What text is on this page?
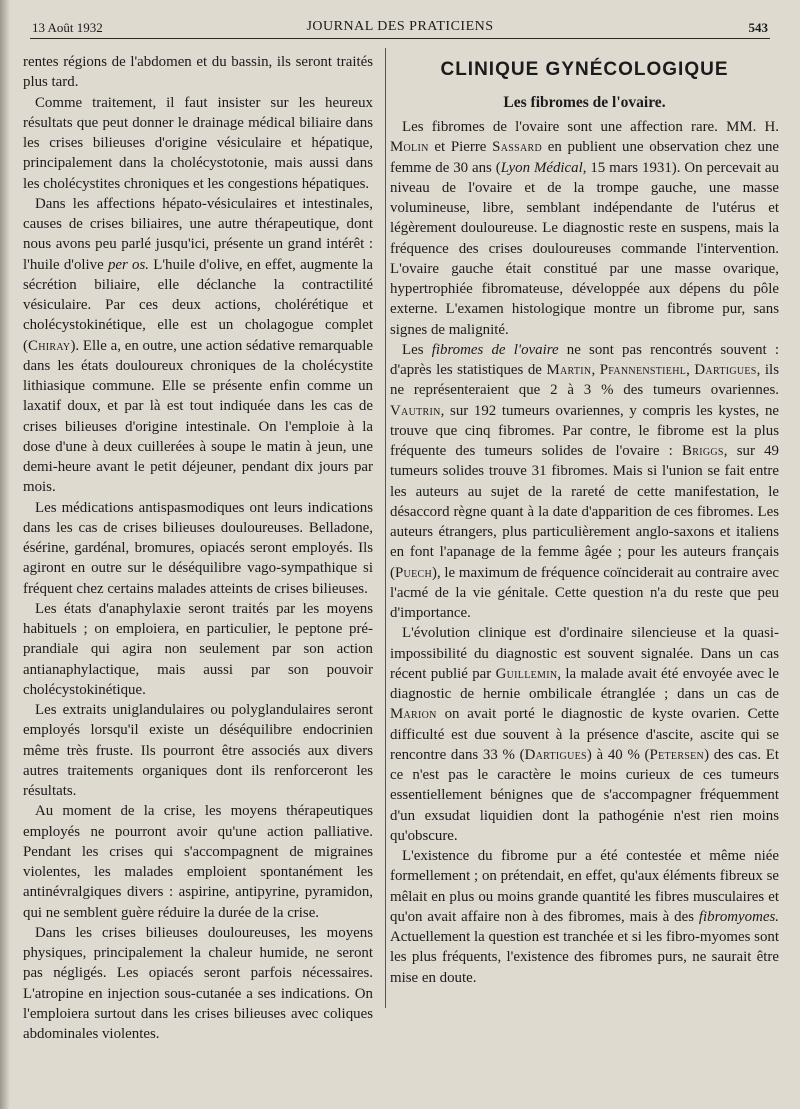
13 Août 1932	JOURNAL DES PRATICIENS	543

rentes régions de l'abdomen et du bassin, ils seront traités plus tard.

Comme traitement, il faut insister sur les heureux résultats que peut donner le drainage médical biliaire dans les crises bilieuses d'origine vésiculaire et hépatique, principalement dans la cholécystotonie, mais aussi dans les cholécystites chroniques et les congestions hépatiques.

Dans les affections hépato-vésiculaires et intestinales, causes de crises biliaires, une autre thérapeutique, dont nous avons peu parlé jusqu'ici, présente un grand intérêt : l'huile d'olive per os. L'huile d'olive, en effet, augmente la sécrétion biliaire, elle déclanche la contractilité vésiculaire. Par ces deux actions, cholérétique et cholécystokinétique, elle est un cholagogue complet (Chiray). Elle a, en outre, une action sédative remarquable dans les états douloureux chroniques de la cholécystite lithiasique commune. Elle se présente enfin comme un laxatif doux, et par là est tout indiquée dans les cas de crises bilieuses d'origine intestinale. On l'emploie à la dose d'une à deux cuillerées à soupe le matin à jeun, une demi-heure avant le petit déjeuner, pendant dix jours par mois.

Les médications antispasmodiques ont leurs indications dans les cas de crises bilieuses douloureuses. Belladone, ésérine, gardénal, bromures, opiacés seront employés. Ils agiront en outre sur le déséquilibre vago-sympathique si fréquent chez certains malades atteints de crises bilieuses.

Les états d'anaphylaxie seront traités par les moyens habituels ; on emploiera, en particulier, le peptone pré-prandiale qui agira non seulement par son action antianaphylactique, mais aussi par son pouvoir cholécystokinétique.

Les extraits uniglandulaires ou polyglandulaires seront employés lorsqu'il existe un déséquilibre endocrinien même très fruste. Ils pourront être associés aux divers autres traitements organiques dont ils renforceront les résultats.

Au moment de la crise, les moyens thérapeutiques employés ne pourront avoir qu'une action palliative. Pendant les crises qui s'accompagnent de migraines violentes, les malades emploient spontanément les antinévralgiques divers : aspirine, antipyrine, pyramidon, qui ne semblent guère réduire la durée de la crise.

Dans les crises bilieuses douloureuses, les moyens physiques, principalement la chaleur humide, ne seront pas négligés. Les opiacés seront parfois nécessaires. L'atropine en injection sous-cutanée a ses indications. On l'emploiera surtout dans les crises bilieuses avec coliques abdominales violentes.

CLINIQUE GYNÉCOLOGIQUE
Les fibromes de l'ovaire.

Les fibromes de l'ovaire sont une affection rare. MM. H. Molin et Pierre Sassard en publient une observation chez une femme de 30 ans (Lyon Médical, 15 mars 1931). On percevait au niveau de l'ovaire et de la trompe gauche, une masse volumineuse, libre, semblant indépendante de l'utérus et légèrement douloureuse. Le diagnostic reste en suspens, mais la fréquence des crises douloureuses commande l'intervention. L'ovaire gauche était constitué par une masse ovarique, hypertrophiée fibromateuse, développée aux dépens du pôle externe. L'examen histologique montre un fibrome pur, sans signes de malignité.

Les fibromes de l'ovaire ne sont pas rencontrés souvent : d'après les statistiques de Martin, Pfannenstiehl, Dartigues, ils ne représenteraient que 2 à 3 % des tumeurs ovariennes. Vautrin, sur 192 tumeurs ovariennes, y compris les kystes, ne trouve que cinq fibromes. Par contre, le fibrome est la plus fréquente des tumeurs solides de l'ovaire : Briggs, sur 49 tumeurs solides trouve 31 fibromes. Mais si l'union se fait entre les auteurs au sujet de la rareté de cette manifestation, le désaccord règne quant à la date d'apparition de ces fibromes. Les auteurs étrangers, plus particulièrement anglo-saxons et italiens en font l'apanage de la femme âgée ; pour les auteurs français (Puech), le maximum de fréquence coïnciderait au contraire avec l'acmé de la vie génitale. Cette question n'a du reste que peu d'importance.

L'évolution clinique est d'ordinaire silencieuse et la quasi-impossibilité du diagnostic est souvent signalée. Dans un cas récent publié par Guillemin, la malade avait été envoyée avec le diagnostic de hernie ombilicale étranglée ; dans un cas de Marion on avait porté le diagnostic de kyste ovarien. Cette difficulté est due souvent à la présence d'ascite, ascite qui se rencontre dans 33 % (Dartigues) à 40 % (Petersen) des cas. Et ce n'est pas le caractère le moins curieux de ces tumeurs essentiellement bénignes que de s'accompagner fréquemment d'un exsudat liquidien dont la pathogénie n'est rien moins qu'obscure.

L'existence du fibrome pur a été contestée et même niée formellement ; on prétendait, en effet, qu'aux éléments fibreux se mêlait en plus ou moins grande quantité les fibres musculaires et qu'on avait affaire non à des fibromes, mais à des fibromyomes. Actuellement la question est tranchée et si les fibro-myomes sont les plus fréquents, l'existence des fibromes purs, ne saurait être mise en doute.
